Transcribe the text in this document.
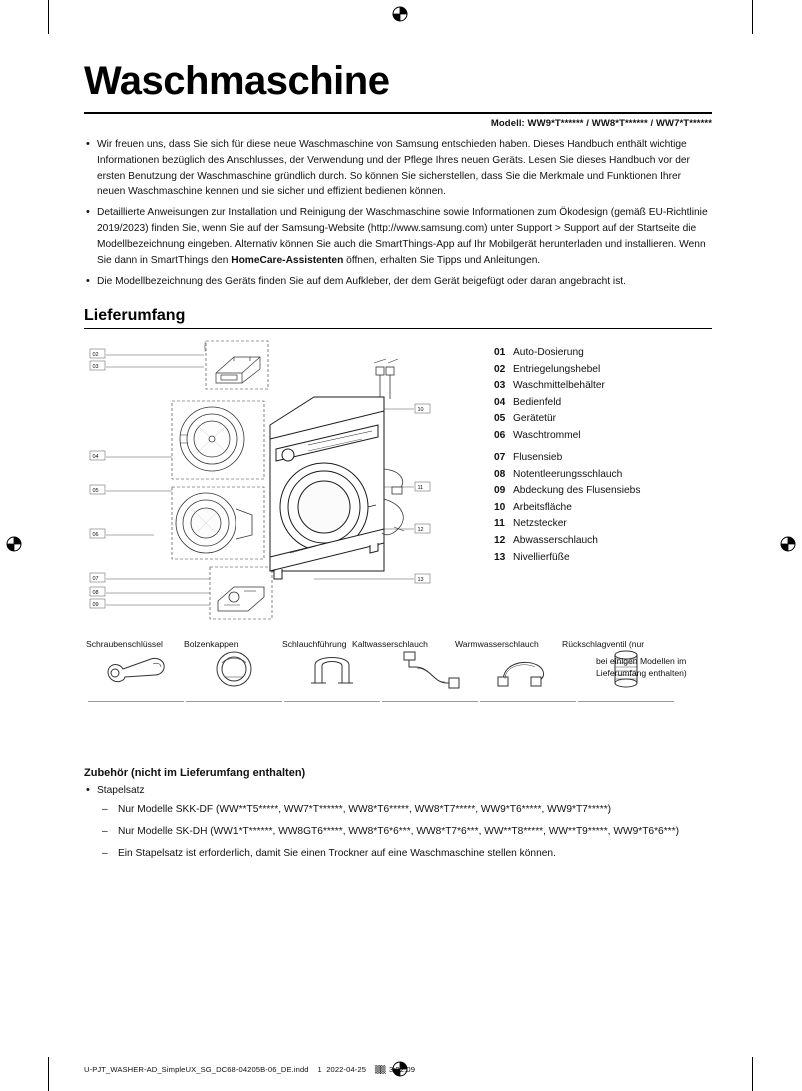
Waschmaschine
Modell: WW9*T****** / WW8*T****** / WW7*T******
• Wir freuen uns, dass Sie sich für diese neue Waschmaschine von Samsung entschieden haben. Dieses Handbuch enthält wichtige Informationen bezüglich des Anschlusses, der Verwendung und der Pflege Ihres neuen Geräts. Lesen Sie dieses Handbuch vor der ersten Benutzung der Waschmaschine gründlich durch. So können Sie sicherstellen, dass Sie die Merkmale und Funktionen Ihrer neuen Waschmaschine kennen und sie sicher und effizient bedienen können.
• Detaillierte Anweisungen zur Installation und Reinigung der Waschmaschine sowie Informationen zum Ökodesign (gemäß EU-Richtlinie 2019/2023) finden Sie, wenn Sie auf der Samsung-Website (http://www.samsung.com) unter Support > Support auf der Startseite die Modellbezeichnung eingeben. Alternativ können Sie auch die SmartThings-App auf Ihr Mobilgerät herunterladen und installieren. Wenn Sie dann in SmartThings den HomeCare-Assistenten öffnen, erhalten Sie Tipps und Anleitungen.
• Die Modellbezeichnung des Geräts finden Sie auf dem Aufkleber, der dem Gerät beigefügt oder daran angebracht ist.
Lieferumfang
02
03
04
05
06
07
08
09
10
11
12
13
01 Auto-Dosierung
02 Entriegelungshebel
03 Waschmittelbehälter
04 Bedienfeld
05 Gerätetür
06 Waschtrommel
07 Flusensieb
08 Notentleerungsschlauch
09 Abdeckung des Flusensiebs
10 Arbeitsfläche
11 Netzstecker
12 Abwasserschlauch
13 Nivellierfüße
Schraubenschlüssel Bolzenkappen	Schlauchführung Kaltwasserschlauch	Warmwasserschlauch	Rückschlagventil (nur
bei einigen Modellen im Lieferumfang enthalten)
Zubehör (nicht im Lieferumfang enthalten)
• Stapelsatz
– Nur Modelle SKK-DF (WW**T5*****, WW7*T******, WW8*T6*****, WW8*T7*****, WW9*T6*****, WW9*T7*****)
– Nur Modelle SK-DH (WW1*T******, WW8GT6*****, WW8*T6*6***, WW8*T7*6***, WW**T8*****, WW**T9*****, WW9*T6*6***)
– Ein Stapelsatz ist erforderlich, damit Sie einen Trockner auf eine Waschmaschine stellen können.
U-PJT_WASHER-AD_SimpleUX_SG_DC68-04205B-06_DE.indd 1 2022-04-25 ▒▒ 3:22:09
